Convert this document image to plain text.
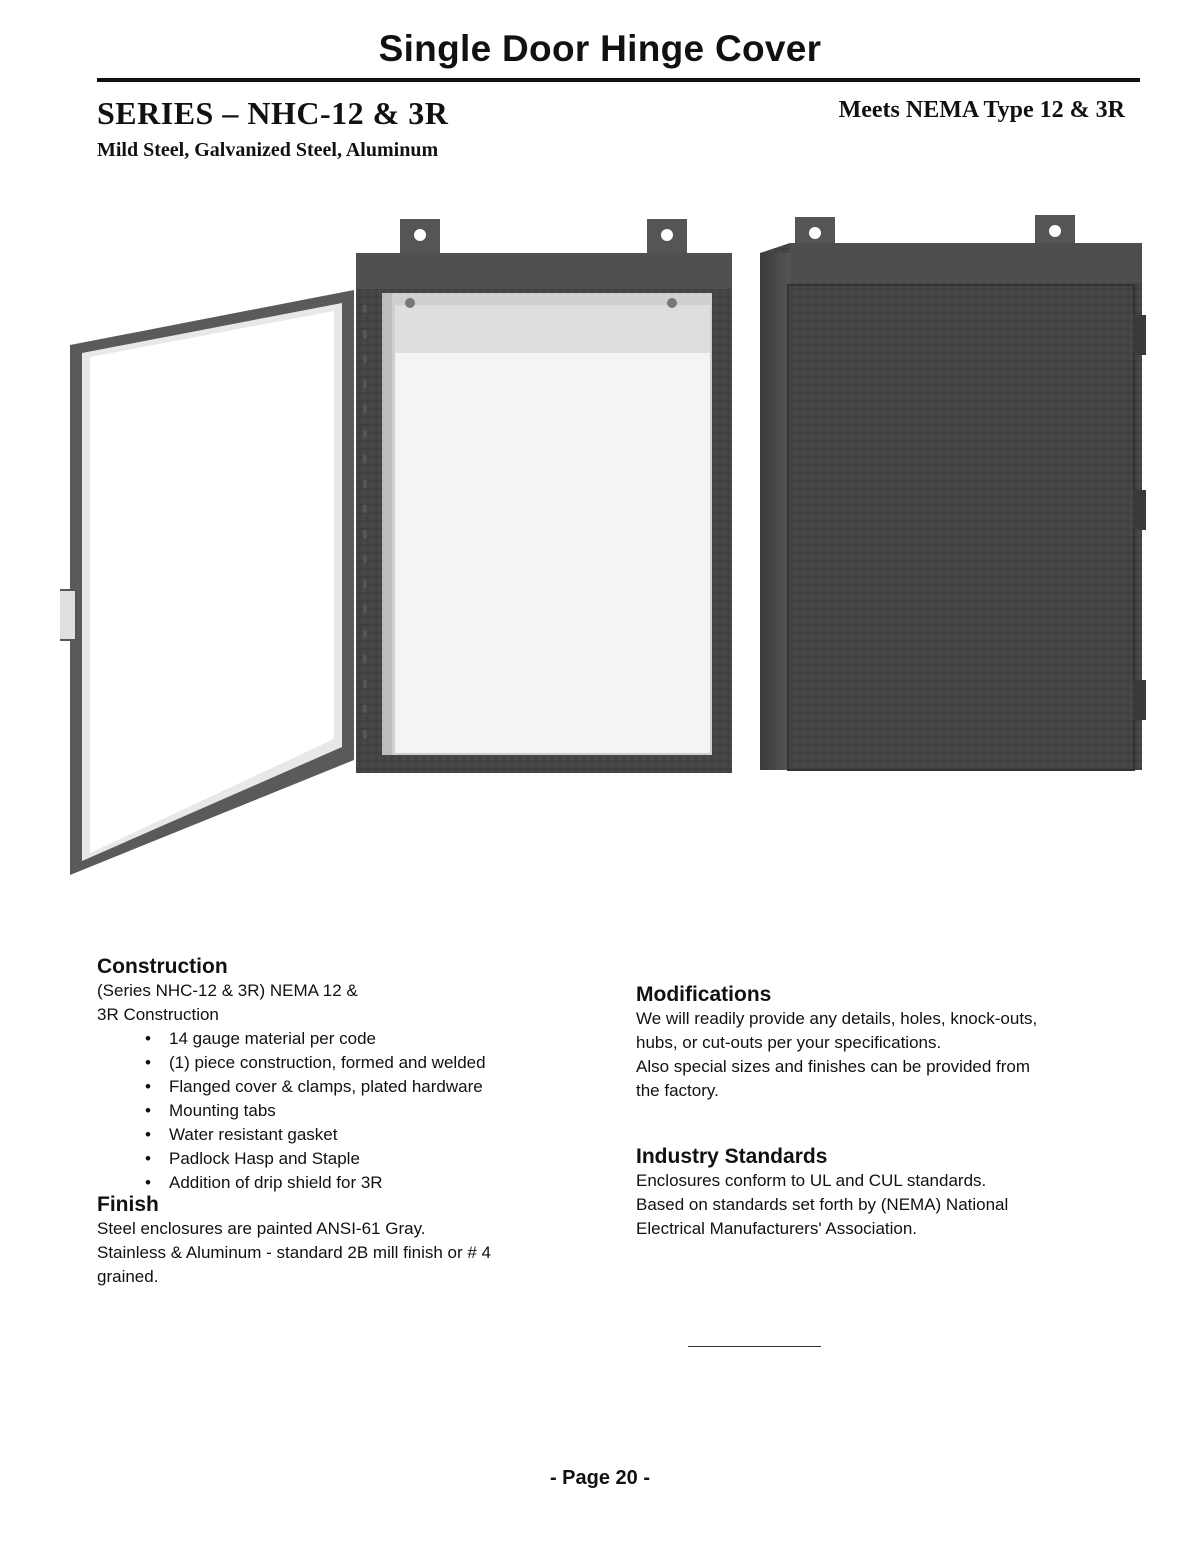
Single Door Hinge Cover
SERIES – NHC-12 & 3R	Meets NEMA Type 12 & 3R
Mild Steel, Galvanized Steel, Aluminum
Construction
(Series NHC-12 & 3R) NEMA 12 &
3R Construction
• 14 gauge material per code
• (1) piece construction, formed and welded
• Flanged cover & clamps, plated hardware
• Mounting tabs
• Water resistant gasket
• Padlock Hasp and Staple
• Addition of drip shield for 3R
Finish
Steel enclosures are painted ANSI-61 Gray.
Stainless & Aluminum - standard 2B mill finish or # 4
grained.
Modifications
We will readily provide any details, holes, knock-outs,
hubs, or cut-outs per your specifications.
Also special sizes and finishes can be provided from
the factory.
Industry Standards
Enclosures conform to UL and CUL standards.
Based on standards set forth by (NEMA) National
Electrical Manufacturers' Association.
- Page 20 -
